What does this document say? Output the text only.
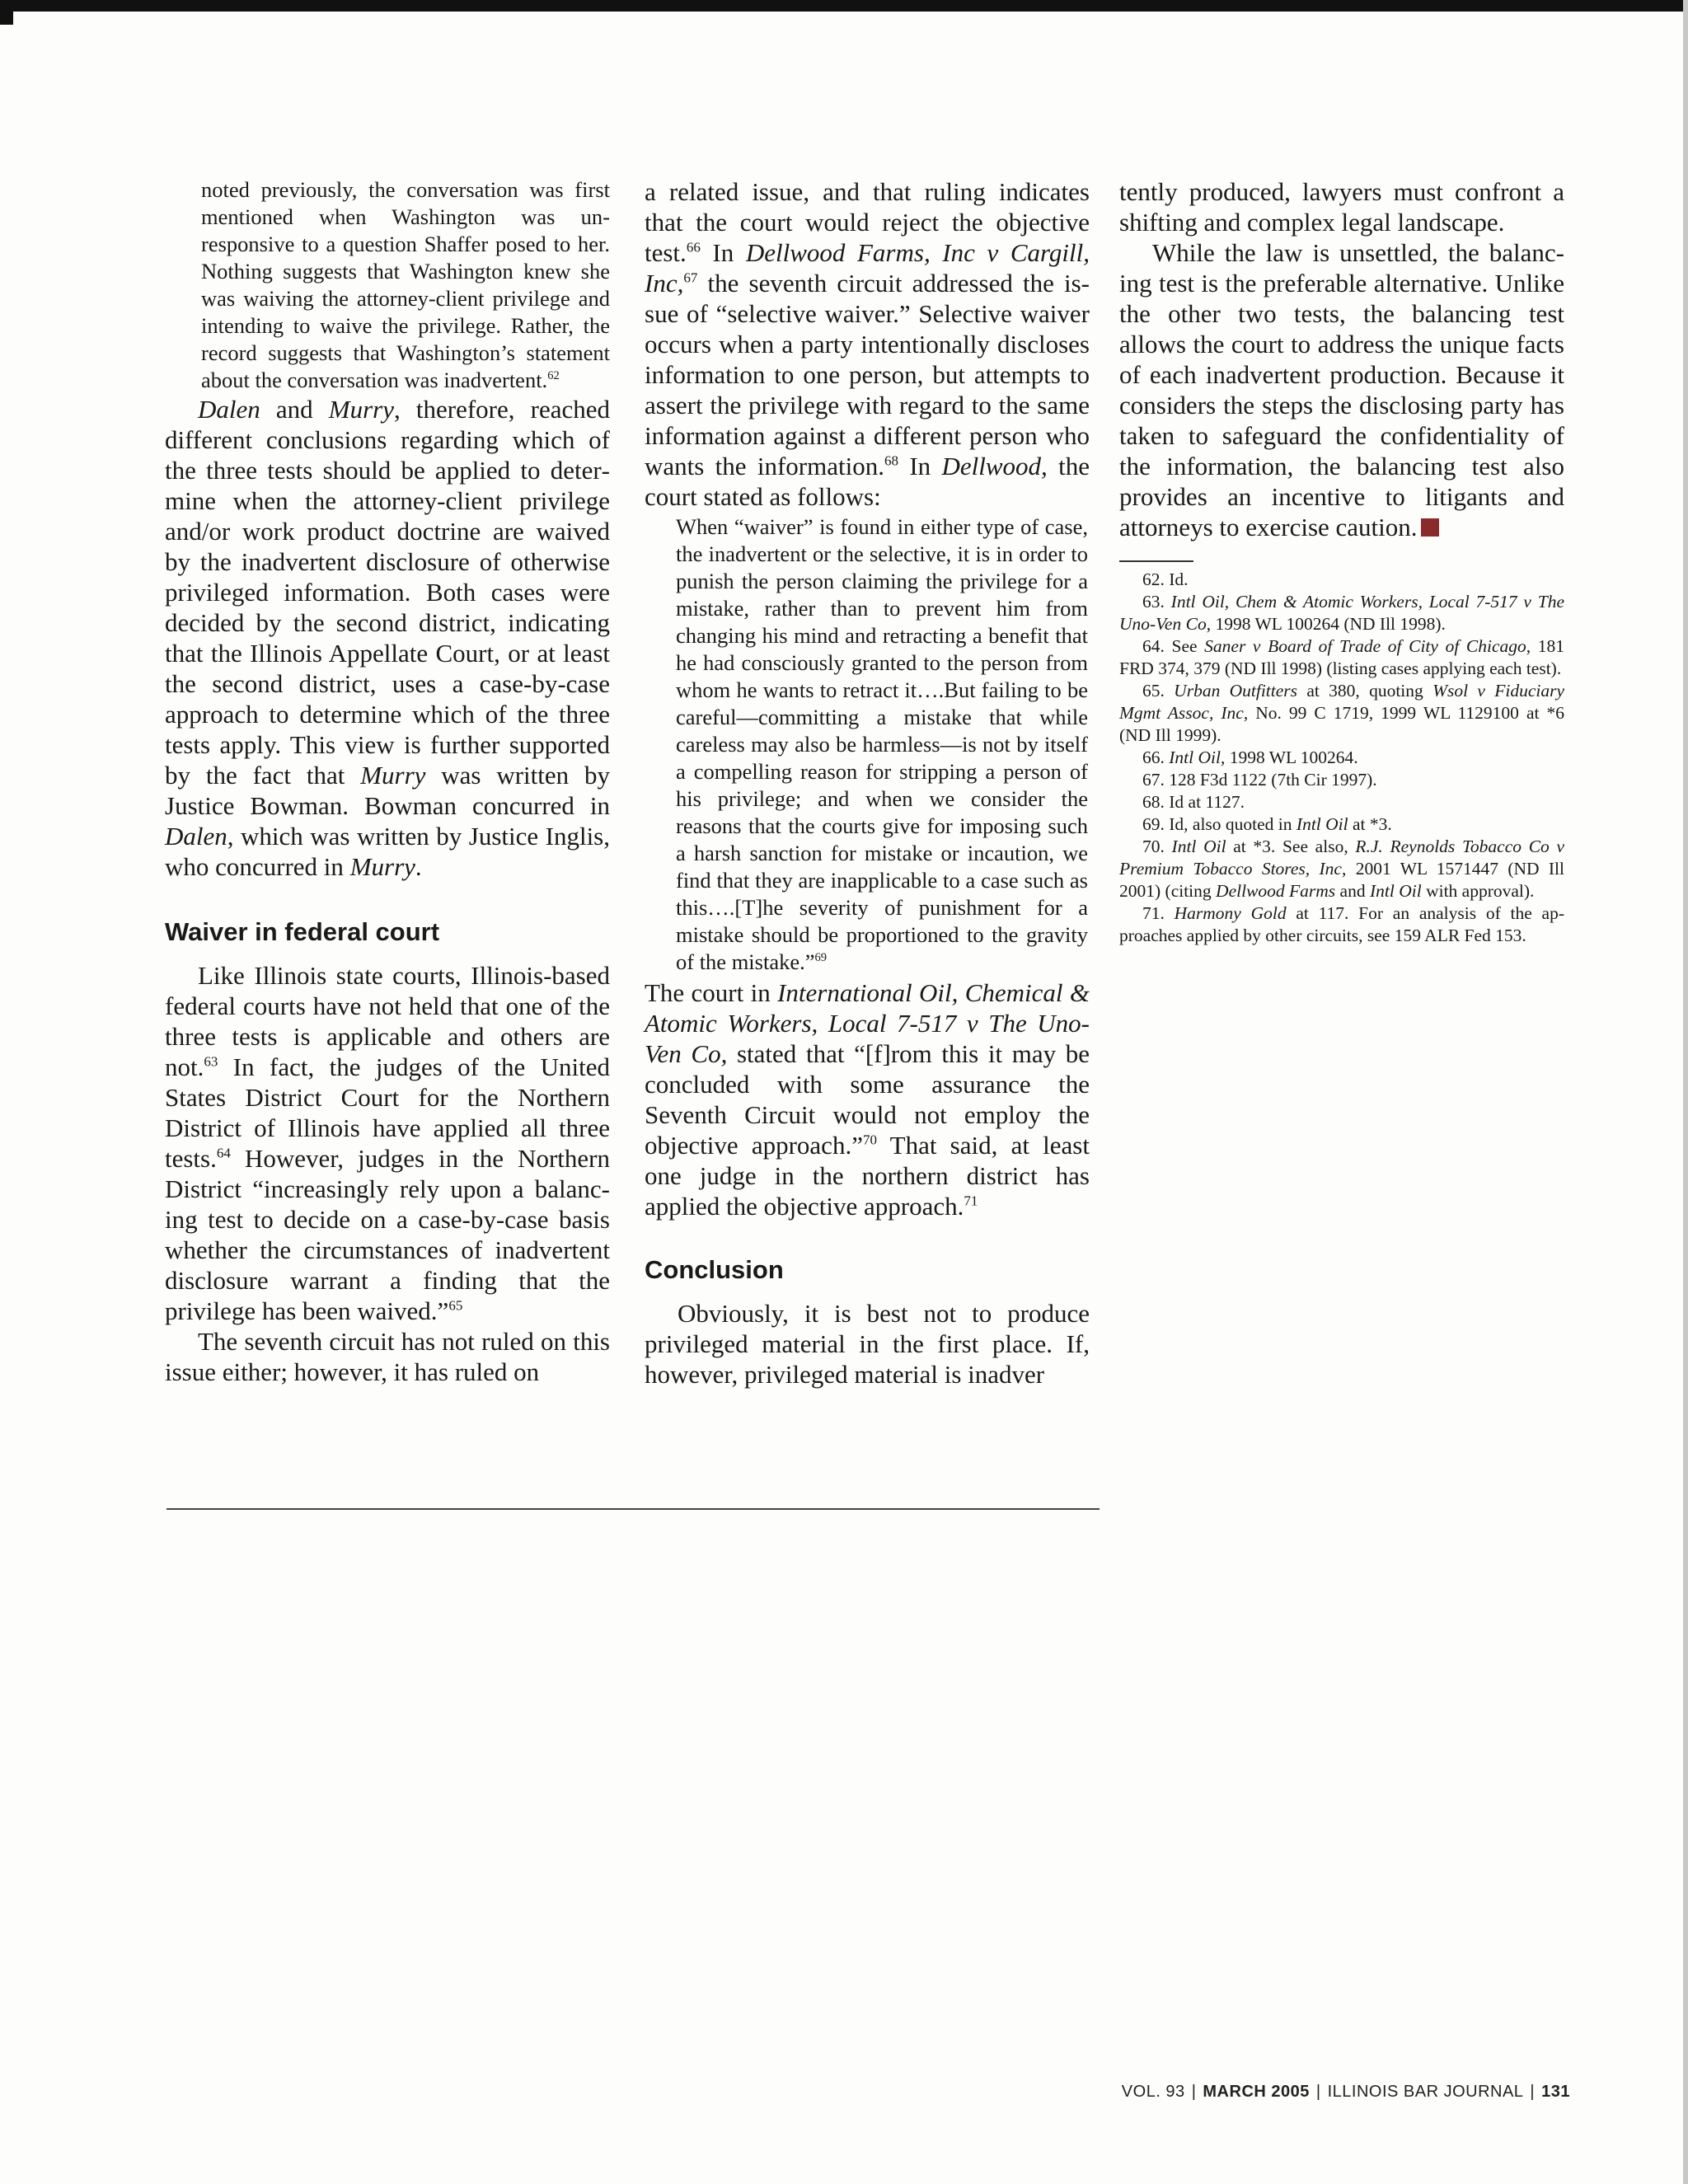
noted previously, the conversation was first mentioned when Washington was unresponsive to a question Shaffer posed to her. Nothing suggests that Washington knew she was waiving the attorney-client privilege and intending to waive the privilege. Rather, the record suggests that Washington’s statement about the conversation was inadvertent.$^{62}$

Dalen and Murry, therefore, reached different conclusions regarding which of the three tests should be applied to determine when the attorney-client privilege and/or work product doctrine are waived by the inadvertent disclosure of otherwise privileged information. Both cases were decided by the second district, indicating that the Illinois Appellate Court, or at least the second district, uses a case-by-case approach to determine which of the three tests apply. This view is further supported by the fact that Murry was written by Justice Bowman. Bowman concurred in Dalen, which was written by Justice Inglis, who concurred in Murry.

Waiver in federal court

Like Illinois state courts, Illinois-based federal courts have not held that one of the three tests is applicable and others are not.$^{63}$ In fact, the judges of the United States District Court for the Northern District of Illinois have applied all three tests.$^{64}$ However, judges in the Northern District “increasingly rely upon a balancing test to decide on a case-by-case basis whether the circumstances of inadvertent disclosure warrant a finding that the privilege has been waived.”$^{65}$

The seventh circuit has not ruled on this issue either; however, it has ruled on

a related issue, and that ruling indicates that the court would reject the objective test.$^{66}$ In Dellwood Farms, Inc v Cargill, Inc,$^{67}$ the seventh circuit addressed the issue of “selective waiver.” Selective waiver occurs when a party intentionally discloses information to one person, but attempts to assert the privilege with regard to the same information against a different person who wants the information.$^{68}$ In Dellwood, the court stated as follows:

When “waiver” is found in either type of case, the inadvertent or the selective, it is in order to punish the person claiming the privilege for a mistake, rather than to prevent him from changing his mind and retracting a benefit that he had consciously granted to the person from whom he wants to retract it….But failing to be careful—committing a mistake that while careless may also be harmless—is not by itself a compelling reason for stripping a person of his privilege; and when we consider the reasons that the courts give for imposing such a harsh sanction for mistake or incaution, we find that they are inapplicable to a case such as this….[T]he severity of punishment for a mistake should be proportioned to the gravity of the mistake.”$^{69}$

The court in International Oil, Chemical & Atomic Workers, Local 7-517 v The Uno-Ven Co, stated that “[f]rom this it may be concluded with some assurance the Seventh Circuit would not employ the objective approach.”$^{70}$ That said, at least one judge in the northern district has applied the objective approach.$^{71}$

Conclusion

Obviously, it is best not to produce privileged material in the first place. If, however, privileged material is inadver

tently produced, lawyers must confront a shifting and complex legal landscape.

While the law is unsettled, the balancing test is the preferable alternative. Unlike the other two tests, the balancing test allows the court to address the unique facts of each inadvertent production. Because it considers the steps the disclosing party has taken to safeguard the confidentiality of the information, the balancing test also provides an incentive to litigants and attorneys to exercise caution.

62. Id.

63. Intl Oil, Chem & Atomic Workers, Local 7-517 v The Uno-Ven Co, 1998 WL 100264 (ND Ill 1998).

64. See Saner v Board of Trade of City of Chicago, 181 FRD 374, 379 (ND Ill 1998) (listing cases applying each test).

65. Urban Outfitters at 380, quoting Wsol v Fiduciary Mgmt Assoc, Inc, No. 99 C 1719, 1999 WL 1129100 at *6 (ND Ill 1999).

66. Intl Oil, 1998 WL 100264.

67. 128 F3d 1122 (7th Cir 1997).

68. Id at 1127.

69. Id, also quoted in Intl Oil at *3.

70. Intl Oil at *3. See also, R.J. Reynolds Tobacco Co v Premium Tobacco Stores, Inc, 2001 WL 1571447 (ND Ill 2001) (citing Dellwood Farms and Intl Oil with approval).

71. Harmony Gold at 117. For an analysis of the approaches applied by other circuits, see 159 ALR Fed 153.

VOL. 93 | MARCH 2005 | ILLINOIS BAR JOURNAL | 131
